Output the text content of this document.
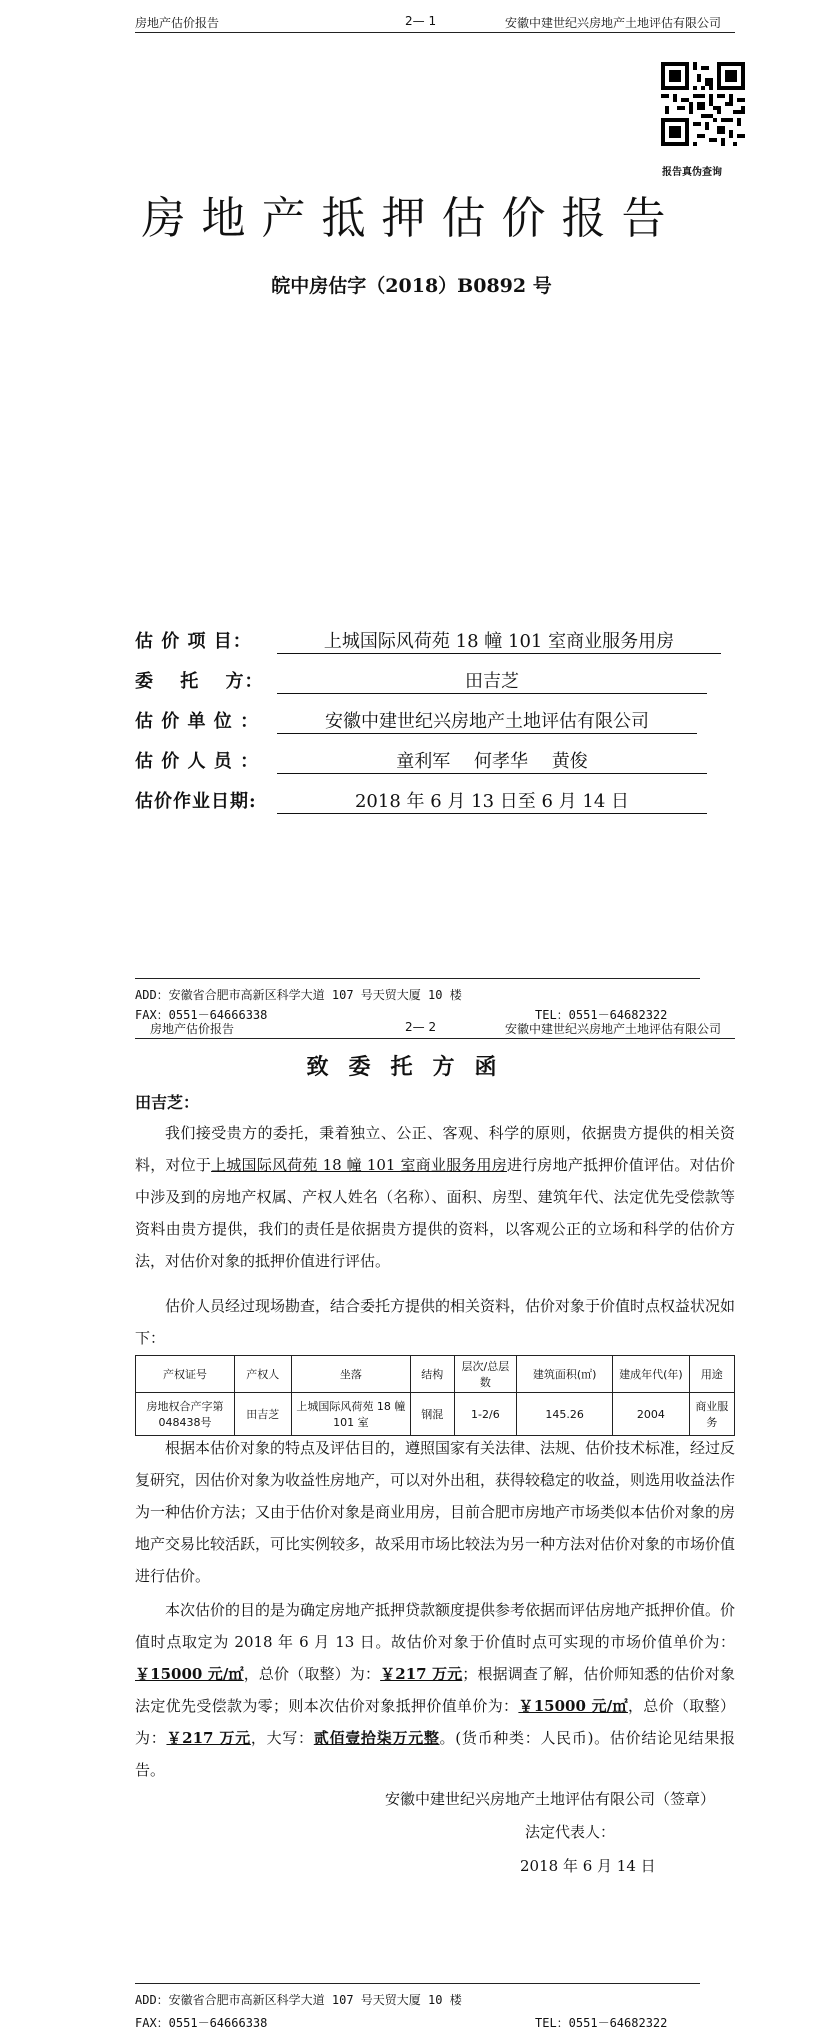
房地产估价报告	2— 1	安徽中建世纪兴房地产土地评估有限公司
报告真伪查询
房地产抵押估价报告
皖中房估字（2018）B0892 号
估 价 项 目：	上城国际风荷苑 18 幢 101 室商业服务用房
委　 托　 方：	田吉芝
估 价 单 位 ：	安徽中建世纪兴房地产土地评估有限公司
估 价 人 员 ：	童利军　 何孝华　 黄俊
估价作业日期:	2018 年 6 月 13 日至 6 月 14 日
ADD：安徽省合肥市高新区科学大道 107 号天贸大厦 10 楼
FAX：0551－64666338	TEL：0551－64682322
房地产估价报告	2— 2	安徽中建世纪兴房地产土地评估有限公司
致委托方函
田吉芝：
我们接受贵方的委托，秉着独立、公正、客观、科学的原则，依据贵方提供的相关资料，对位于上城国际风荷苑 18 幢 101 室商业服务用房进行房地产抵押价值评估。对估价中涉及到的房地产权属、产权人姓名（名称）、面积、房型、建筑年代、法定优先受偿款等资料由贵方提供，我们的责任是依据贵方提供的资料，以客观公正的立场和科学的估价方法，对估价对象的抵押价值进行评估。
估价人员经过现场勘查，结合委托方提供的相关资料，估价对象于价值时点权益状况如下：
产权证号	产权人	坐落	结构	层次/总层数	建筑面积(㎡)	建成年代(年)	用途
房地权合产字第 048438号	田吉芝	上城国际风荷苑 18 幢 101 室	钢混	1-2/6	145.26	2004	商业服务
根据本估价对象的特点及评估目的，遵照国家有关法律、法规、估价技术标准，经过反复研究，因估价对象为收益性房地产，可以对外出租，获得较稳定的收益，则选用收益法作为一种估价方法；又由于估价对象是商业用房，目前合肥市房地产市场类似本估价对象的房地产交易比较活跃，可比实例较多，故采用市场比较法为另一种方法对估价对象的市场价值进行估价。
本次估价的目的是为确定房地产抵押贷款额度提供参考依据而评估房地产抵押价值。价值时点取定为 2018 年 6 月 13 日。故估价对象于价值时点可实现的市场价值单价为：￥15000 元/㎡，总价（取整）为：￥217 万元；根据调查了解，估价师知悉的估价对象法定优先受偿款为零；则本次估价对象抵押价值单价为：￥15000 元/㎡，总价（取整）为：￥217 万元，大写：贰佰壹拾柒万元整。(货币种类：人民币)。估价结论见结果报告。
安徽中建世纪兴房地产土地评估有限公司（签章）
法定代表人：
2018 年 6 月 14 日
ADD：安徽省合肥市高新区科学大道 107 号天贸大厦 10 楼
FAX：0551－64666338	TEL：0551－64682322
